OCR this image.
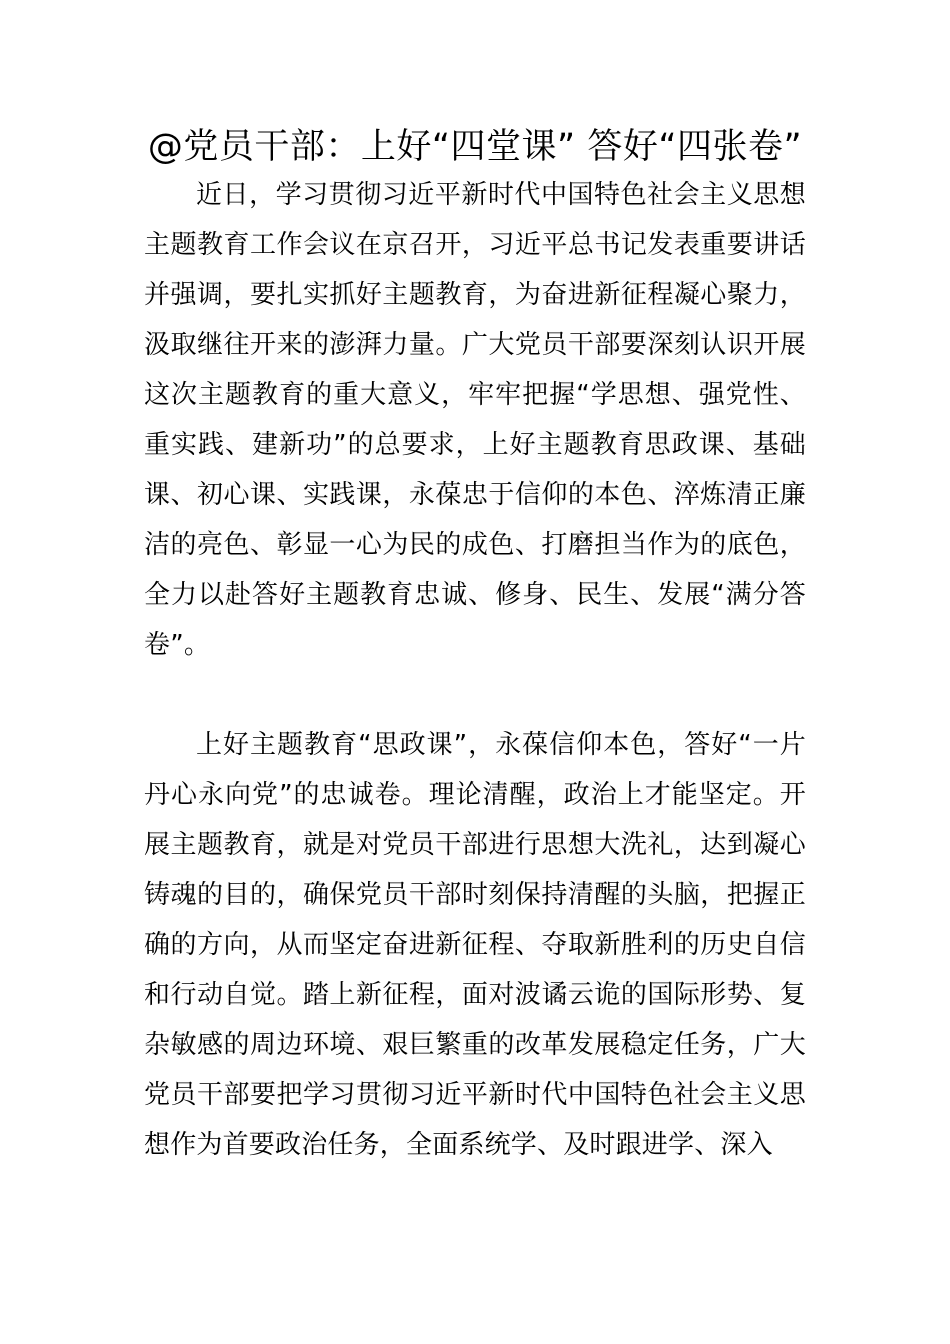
@党员干部：上好“四堂课” 答好“四张卷”

近日，学习贯彻习近平新时代中国特色社会主义思想主题教育工作会议在京召开，习近平总书记发表重要讲话并强调，要扎实抓好主题教育，为奋进新征程凝心聚力，汲取继往开来的澎湃力量。广大党员干部要深刻认识开展这次主题教育的重大意义，牢牢把握“学思想、强党性、重实践、建新功”的总要求，上好主题教育思政课、基础课、初心课、实践课，永葆忠于信仰的本色、淬炼清正廉洁的亮色、彰显一心为民的成色、打磨担当作为的底色，全力以赴答好主题教育忠诚、修身、民生、发展“满分答卷”。

上好主题教育“思政课”，永葆信仰本色，答好“一片丹心永向党”的忠诚卷。理论清醒，政治上才能坚定。开展主题教育，就是对党员干部进行思想大洗礼，达到凝心铸魂的目的，确保党员干部时刻保持清醒的头脑，把握正确的方向，从而坚定奋进新征程、夺取新胜利的历史自信和行动自觉。踏上新征程，面对波谲云诡的国际形势、复杂敏感的周边环境、艰巨繁重的改革发展稳定任务，广大党员干部要把学习贯彻习近平新时代中国特色社会主义思想作为首要政治任务，全面系统学、及时跟进学、深入
